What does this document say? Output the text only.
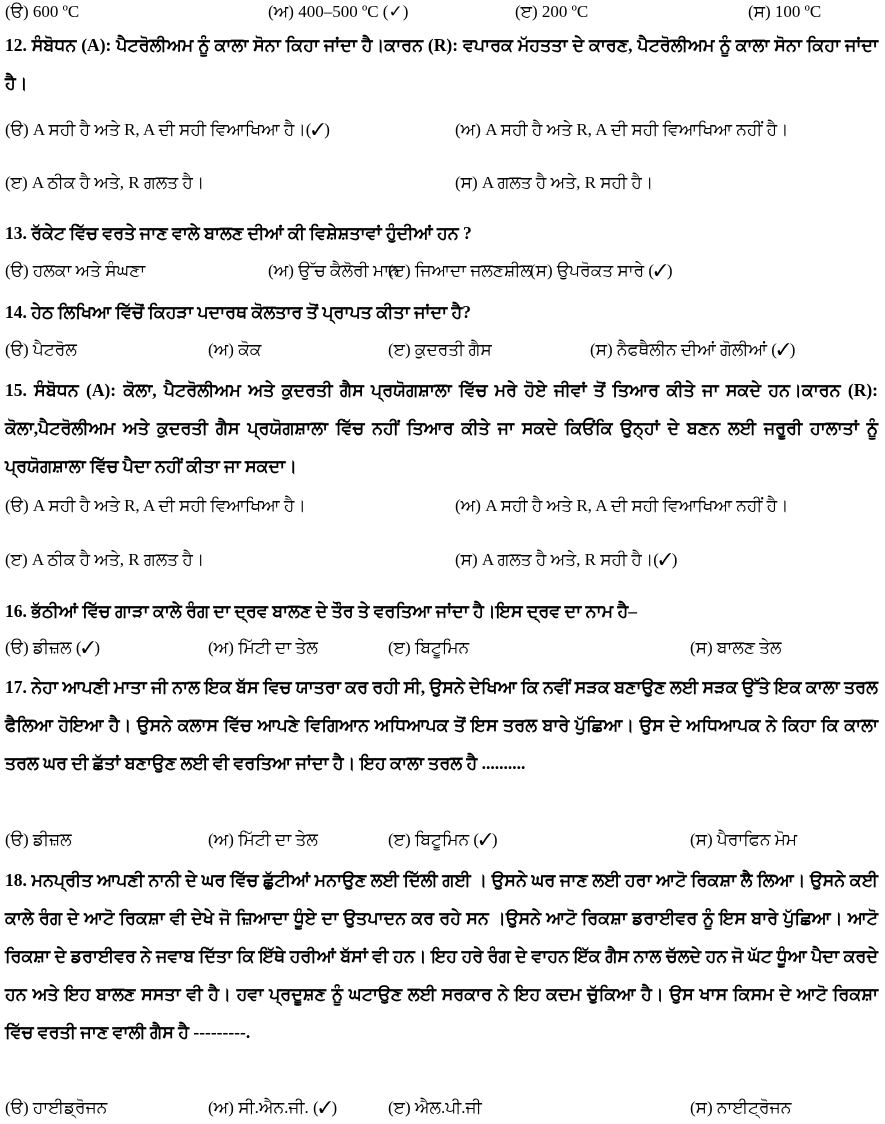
(ੳ) 600 ºC	(ਅ) 400–500 ºC (✓)	(ੲ) 200 ºC	(ਸ) 100 ºC
12. ਸੰਬੋਧਨ (A): ਪੈਟਰੋਲੀਅਮ ਨੂੰ ਕਾਲਾ ਸੋਨਾ ਕਿਹਾ ਜਾਂਦਾ ਹੈ।ਕਾਰਨ (R): ਵਪਾਰਕ ਮੱਹਤਤਾ ਦੇ ਕਾਰਣ, ਪੈਟਰੋਲੀਅਮ ਨੂੰ ਕਾਲਾ ਸੋਨਾ ਕਿਹਾ ਜਾਂਦਾ ਹੈ।
(ੳ) A ਸਹੀ ਹੈ ਅਤੇ R, A ਦੀ ਸਹੀ ਵਿਆਖਿਆ ਹੈ।(✓)	(ਅ) A ਸਹੀ ਹੈ ਅਤੇ R, A ਦੀ ਸਹੀ ਵਿਆਖਿਆ ਨਹੀਂ ਹੈ।
(ੲ) A ਠੀਕ ਹੈ ਅਤੇ, R ਗਲਤ ਹੈ।	(ਸ) A ਗਲਤ ਹੈ ਅਤੇ, R ਸਹੀ ਹੈ।
13. ਰੱਕੇਟ ਵਿੱਚ ਵਰਤੇ ਜਾਣ ਵਾਲੇ ਬਾਲਣ ਦੀਆਂ ਕੀ ਵਿਸ਼ੇਸ਼ਤਾਵਾਂ ਹੁੰਦੀਆਂ ਹਨ ?
(ੳ) ਹਲਕਾ ਅਤੇ ਸੰਘਣਾ	(ਅ) ਉੱਚ ਕੈਲੋਰੀ ਮਾਨ
(ੲ) ਜਿਆਦਾ ਜਲਣਸ਼ੀਲ
(ਸ) ਉਪਰੋਕਤ ਸਾਰੇ (✓)
14. ਹੇਠ ਲਿਖਿਆ ਵਿੱਚੋਂ ਕਿਹੜਾ ਪਦਾਰਥ ਕੋਲਤਾਰ ਤੋਂ ਪ੍ਰਾਪਤ ਕੀਤਾ ਜਾਂਦਾ ਹੈ?
(ੳ) ਪੈਟਰੋਲ	(ਅ) ਕੋਕ	(ੲ) ਕੁਦਰਤੀ ਗੈਸ	(ਸ) ਨੈਫਥੈਲੀਨ ਦੀਆਂ ਗੋਲੀਆਂ (✓)
15. ਸੰਬੋਧਨ (A): ਕੋਲਾ, ਪੈਟਰੋਲੀਅਮ ਅਤੇ ਕੁਦਰਤੀ ਗੈਸ ਪ੍ਰਯੋਗਸ਼ਾਲਾ ਵਿੱਚ ਮਰੇ ਹੋਏ ਜੀਵਾਂ ਤੋਂ ਤਿਆਰ ਕੀਤੇ ਜਾ ਸਕਦੇ ਹਨ।ਕਾਰਨ (R): ਕੋਲਾ,ਪੈਟਰੋਲੀਅਮ ਅਤੇ ਕੁਦਰਤੀ ਗੈਸ ਪ੍ਰਯੋਗਸ਼ਾਲਾ ਵਿੱਚ ਨਹੀਂ ਤਿਆਰ ਕੀਤੇ ਜਾ ਸਕਦੇ ਕਿਓਂਕਿ ਉਨ੍ਹਾਂ ਦੇ ਬਣਨ ਲਈ ਜਰੂਰੀ ਹਾਲਾਤਾਂ ਨੂੰ ਪ੍ਰਯੋਗਸ਼ਾਲਾ ਵਿੱਚ ਪੈਦਾ ਨਹੀਂ ਕੀਤਾ ਜਾ ਸਕਦਾ।
(ੳ) A ਸਹੀ ਹੈ ਅਤੇ R, A ਦੀ ਸਹੀ ਵਿਆਖਿਆ ਹੈ।	(ਅ) A ਸਹੀ ਹੈ ਅਤੇ R, A ਦੀ ਸਹੀ ਵਿਆਖਿਆ ਨਹੀਂ ਹੈ।
(ੲ) A ਠੀਕ ਹੈ ਅਤੇ, R ਗਲਤ ਹੈ।	(ਸ) A ਗਲਤ ਹੈ ਅਤੇ, R ਸਹੀ ਹੈ।(✓)
16. ਭੱਠੀਆਂ ਵਿੱਚ ਗਾੜਾ ਕਾਲੇ ਰੰਗ ਦਾ ਦ੍ਰਵ ਬਾਲਣ ਦੇ ਤੌਰ ਤੇ ਵਰਤਿਆ ਜਾਂਦਾ ਹੈ।ਇਸ ਦ੍ਰਵ ਦਾ ਨਾਮ ਹੈ–
(ੳ) ਡੀਜ਼ਲ (✓)	(ਅ) ਮਿੱਟੀ ਦਾ ਤੇਲ	(ੲ) ਬਿਟੂਮਿਨ	(ਸ) ਬਾਲਣ ਤੇਲ
17. ਨੇਹਾ ਆਪਣੀ ਮਾਤਾ ਜੀ ਨਾਲ ਇਕ ਬੱਸ ਵਿਚ ਯਾਤਰਾ ਕਰ ਰਹੀ ਸੀ, ਉਸਨੇ ਦੇਖਿਆ ਕਿ ਨਵੀਂ ਸੜਕ ਬਣਾਉਣ ਲਈ ਸੜਕ ਉੱਤੇ ਇਕ ਕਾਲਾ ਤਰਲ ਫੈਲਿਆ ਹੋਇਆ ਹੈ। ਉਸਨੇ ਕਲਾਸ ਵਿੱਚ ਆਪਣੇ ਵਿਗਿਆਨ ਅਧਿਆਪਕ ਤੋਂ ਇਸ ਤਰਲ ਬਾਰੇ ਪੁੱਛਿਆ। ਉਸ ਦੇ ਅਧਿਆਪਕ ਨੇ ਕਿਹਾ ਕਿ ਕਾਲਾ ਤਰਲ ਘਰ ਦੀ ਛੱਤਾਂ ਬਣਾਉਣ ਲਈ ਵੀ ਵਰਤਿਆ ਜਾਂਦਾ ਹੈ। ਇਹ ਕਾਲਾ ਤਰਲ ਹੈ ..........
(ੳ) ਡੀਜ਼ਲ	(ਅ) ਮਿੱਟੀ ਦਾ ਤੇਲ	(ੲ) ਬਿਟੂਮਿਨ (✓)	(ਸ) ਪੈਰਾਫਿਨ ਮੋਮ
18. ਮਨਪ੍ਰੀਤ ਆਪਣੀ ਨਾਨੀ ਦੇ ਘਰ ਵਿੱਚ ਛੁੱਟੀਆਂ ਮਨਾਉਣ ਲਈ ਦਿੱਲੀ ਗਈ । ਉਸਨੇ ਘਰ ਜਾਣ ਲਈ ਹਰਾ ਆਟੋ ਰਿਕਸ਼ਾ ਲੈ ਲਿਆ। ਉਸਨੇ ਕਈ ਕਾਲੇ ਰੰਗ ਦੇ ਆਟੋ ਰਿਕਸ਼ਾ ਵੀ ਦੇਖੇ ਜੋ ਜ਼ਿਆਦਾ ਧੂੰਏ ਦਾ ਉਤਪਾਦਨ ਕਰ ਰਹੇ ਸਨ ।ਉਸਨੇ ਆਟੋ ਰਿਕਸ਼ਾ ਡਰਾਈਵਰ ਨੂੰ ਇਸ ਬਾਰੇ ਪੁੱਛਿਆ। ਆਟੋ ਰਿਕਸ਼ਾ ਦੇ ਡਰਾਈਵਰ ਨੇ ਜਵਾਬ ਦਿੱਤਾ ਕਿ ਇੱਥੇ ਹਰੀਆਂ ਬੱਸਾਂ ਵੀ ਹਨ। ਇਹ ਹਰੇ ਰੰਗ ਦੇ ਵਾਹਨ ਇੱਕ ਗੈਸ ਨਾਲ ਚੱਲਦੇ ਹਨ ਜੋ ਘੱਟ ਧੂੰਆ ਪੈਦਾ ਕਰਦੇ ਹਨ ਅਤੇ ਇਹ ਬਾਲਣ ਸਸਤਾ ਵੀ ਹੈ। ਹਵਾ ਪ੍ਰਦੂਸ਼ਣ ਨੂੰ ਘਟਾਉਣ ਲਈ ਸਰਕਾਰ ਨੇ ਇਹ ਕਦਮ ਚੁੱਕਿਆ ਹੈ। ਉਸ ਖਾਸ ਕਿਸਮ ਦੇ ਆਟੋ ਰਿਕਸ਼ਾ ਵਿੱਚ ਵਰਤੀ ਜਾਣ ਵਾਲੀ ਗੈਸ ਹੈ ---------.
(ੳ) ਹਾਈਡ੍ਰੋਜਨ	(ਅ) ਸੀ.ਐਨ.ਜੀ. (✓)	(ੲ) ਐਲ.ਪੀ.ਜੀ	(ਸ) ਨਾਈਟ੍ਰੋਜਨ
